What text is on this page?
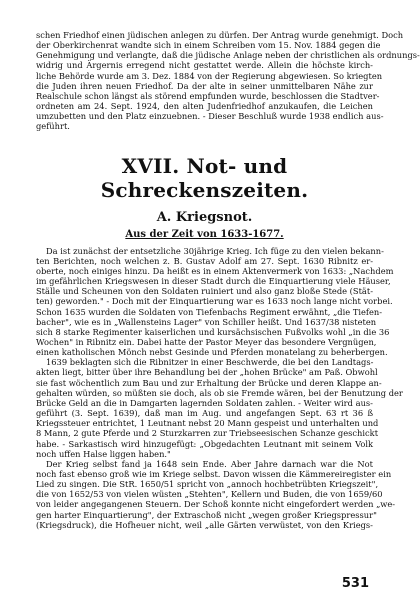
schen Friedhof einen jüdischen anlegen zu dürfen. Der Antrag wurde genehmigt. Doch
der Oberkirchenrat wandte sich in einem Schreiben vom 15. Nov. 1884 gegen die
Genehmigung und verlangte, daß die jüdische Anlage neben der christlichen als ordnungs-
widrig und Ärgernis erregend nicht gestattet werde. Allein die höchste kirch-
liche Behörde wurde am 3. Dez. 1884 von der Regierung abgewiesen. So kriegten
die Juden ihren neuen Friedhof. Da der alte in seiner unmittelbaren Nähe zur
Realschule schon längst als störend empfunden wurde, beschlossen die Stadtver-
ordneten am 24. Sept. 1924, den alten Judenfriedhof anzukaufen, die Leichen
umzubetten und den Platz einzuebnen. - Dieser Beschluß wurde 1938 endlich aus-
geführt.
XVII. Not- und Schreckenszeiten.
A. Kriegsnot.
Aus der Zeit von 1633-1677.
Da ist zunächst der entsetzliche 30jährige Krieg. Ich füge zu den vielen bekann-
ten Berichten, noch welchen z. B. Gustav Adolf am 27. Sept. 1630 Ribnitz er-
oberte, noch einiges hinzu. Da heißt es in einem Aktenvermerk von 1633: „Nachdem
im gefährlichen Kriegswesen in dieser Stadt durch die Einquartierung viele Häuser,
Ställe und Scheunen von den Soldaten ruiniert und also ganz bloße Stede (Stät-
ten) geworden." - Doch mit der Einquartierung war es 1633 noch lange nicht vorbei.
Schon 1635 wurden die Soldaten von Tiefenbachs Regiment erwähnt, „die Tiefen-
bacher", wie es in „Wallensteins Lager" von Schiller heißt. Und 1637/38 nisteten
sich 8 starke Regimenter kaiserlichen und kursächsischen Fußvolks wohl „in die 36
Wochen" in Ribnitz ein. Dabei hatte der Pastor Meyer das besondere Vergnügen,
einen katholischen Mönch nebst Gesinde und Pferden monatelang zu beherbergen.
1639 beklagten sich die Ribnitzer in einer Beschwerde, die bei den Landtags-
akten liegt, bitter über ihre Behandlung bei der „hohen Brücke" am Paß. Obwohl
sie fast wöchentlich zum Bau und zur Erhaltung der Brücke und deren Klappe an-
gehalten würden, so müßten sie doch, als ob sie Fremde wären, bei der Benutzung der
Brücke Geld an die in Damgarten lagernden Soldaten zahlen. - Weiter wird aus-
geführt (3. Sept. 1639), daß man im Aug. und angefangen Sept. 63 rt 36 ß
Kriegssteuer entrichtet, 1 Leutnant nebst 20 Mann gespeist und unterhalten und
8 Mann, 2 gute Pferde und 2 Sturzkarren zur Triebseesischen Schanze geschickt
habe. - Sarkastisch wird hinzugefügt: „Obgedachten Leutnant mit seinem Volk
noch uffen Halse liggen haben."
Der Krieg selbst fand ja 1648 sein Ende. Aber Jahre darnach war die Not
noch fast ebenso groß wie im Kriege selbst. Davon wissen die Kämmereiregister ein
Lied zu singen. Die StR. 1650/51 spricht von „annoch hochbetrübten Kriegszeit",
die von 1652/53 von vielen wüsten „Stehten", Kellern und Buden, die von 1659/60
von leider angegangenen Steuern. Der Schoß konnte nicht eingefordert werden „we-
gen harter Einquartierung", der Extraschoß nicht „wegen großer Kriegspressur"
(Kriegsdruck), die Hofheuer nicht, weil „alle Gärten verwüstet, von den Kriegs-
531
